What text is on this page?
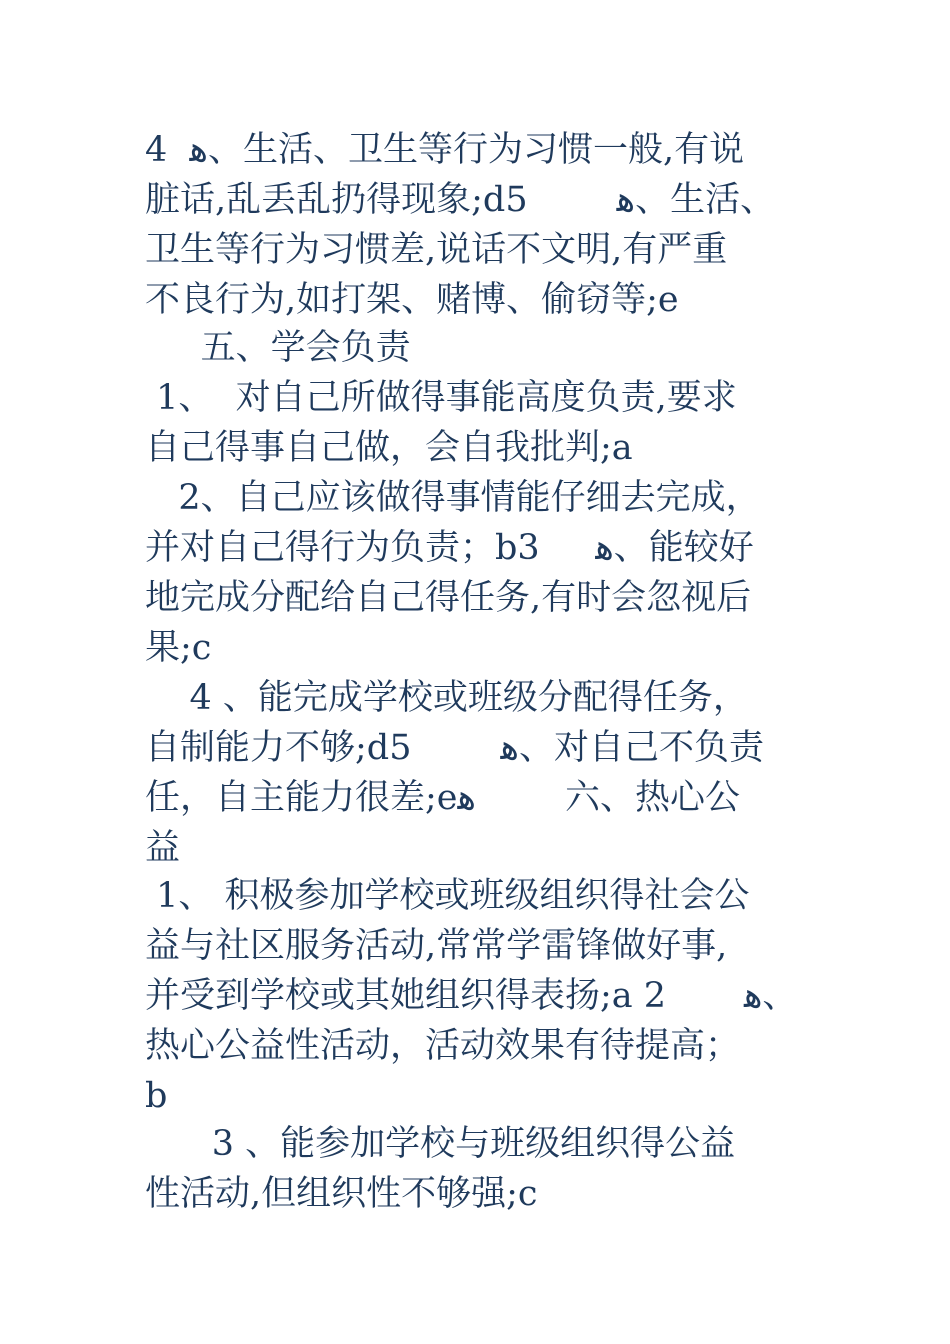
4  ﻫ、生活、卫生等行为习惯一般,有说
脏话,乱丢乱扔得现象;d5        ﻫ、生活、
卫生等行为习惯差,说话不文明,有严重
不良行为,如打架、赌博、偷窃等;e
五、学会负责
1、  对自己所做得事能高度负责,要求
自己得事自己做，会自我批判;a
2、自己应该做得事情能仔细去完成，
并对自己得行为负责；b3     ﻫ、能较好
地完成分配给自己得任务,有时会忽视后
果;c
4 、能完成学校或班级分配得任务，
自制能力不够;d5        ﻫ、对自己不负责
任，自主能力很差;eﻫ        六、热心公
益
1、 积极参加学校或班级组织得社会公
益与社区服务活动,常常学雷锋做好事,
并受到学校或其她组织得表扬;a 2       ﻫ、
热心公益性活动，活动效果有待提高；
b
3 、能参加学校与班级组织得公益
性活动,但组织性不够强;c
